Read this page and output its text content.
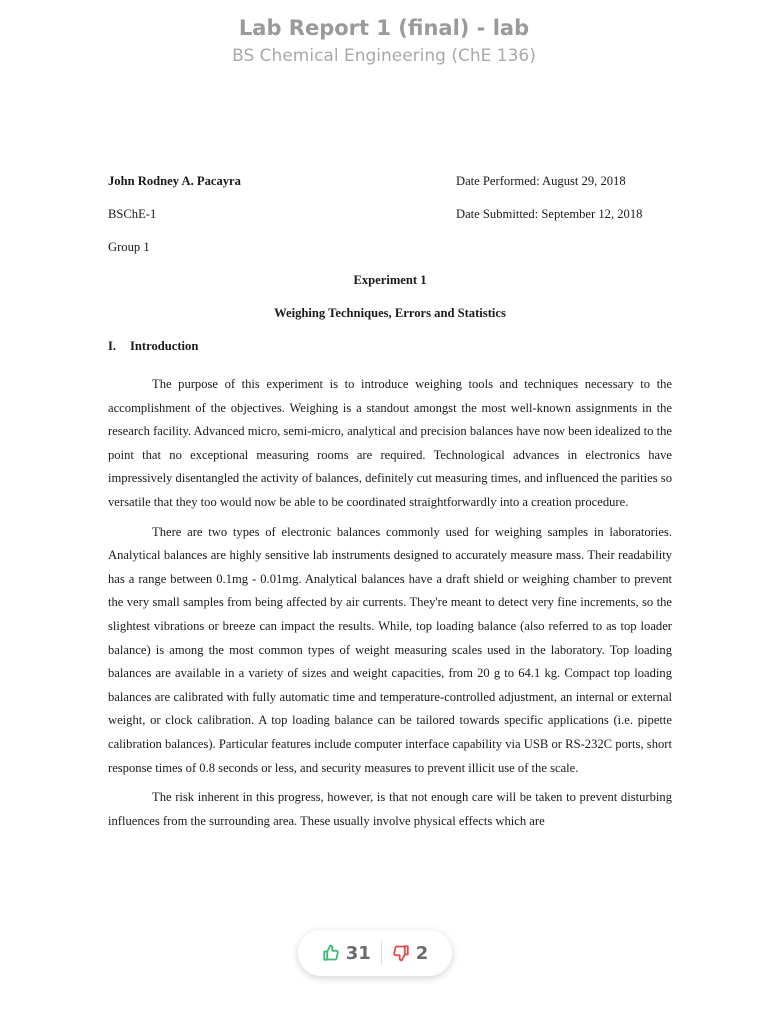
Lab Report 1 (final) - lab
BS Chemical Engineering (ChE 136)
John Rodney A. Pacayra	Date Performed: August 29, 2018
BSChE-1	Date Submitted: September 12, 2018
Group 1
Experiment 1
Weighing Techniques, Errors and Statistics
I. Introduction

The purpose of this experiment is to introduce weighing tools and techniques necessary to the accomplishment of the objectives. Weighing is a standout amongst the most well-known assignments in the research facility. Advanced micro, semi-micro, analytical and precision balances have now been idealized to the point that no exceptional measuring rooms are required. Technological advances in electronics have impressively disentangled the activity of balances, definitely cut measuring times, and influenced the parities so versatile that they too would now be able to be coordinated straightforwardly into a creation procedure.

There are two types of electronic balances commonly used for weighing samples in laboratories. Analytical balances are highly sensitive lab instruments designed to accurately measure mass. Their readability has a range between 0.1mg - 0.01mg. Analytical balances have a draft shield or weighing chamber to prevent the very small samples from being affected by air currents. They're meant to detect very fine increments, so the slightest vibrations or breeze can impact the results. While, top loading balance (also referred to as top loader balance) is among the most common types of weight measuring scales used in the laboratory. Top loading balances are available in a variety of sizes and weight capacities, from 20 g to 64.1 kg. Compact top loading balances are calibrated with fully automatic time and temperature-controlled adjustment, an internal or external weight, or clock calibration. A top loading balance can be tailored towards specific applications (i.e. pipette calibration balances). Particular features include computer interface capability via USB or RS-232C ports, short response times of 0.8 seconds or less, and security measures to prevent illicit use of the scale.

The risk inherent in this progress, however, is that not enough care will be taken to prevent disturbing influences from the surrounding area. These usually involve physical effects which are

31	2
